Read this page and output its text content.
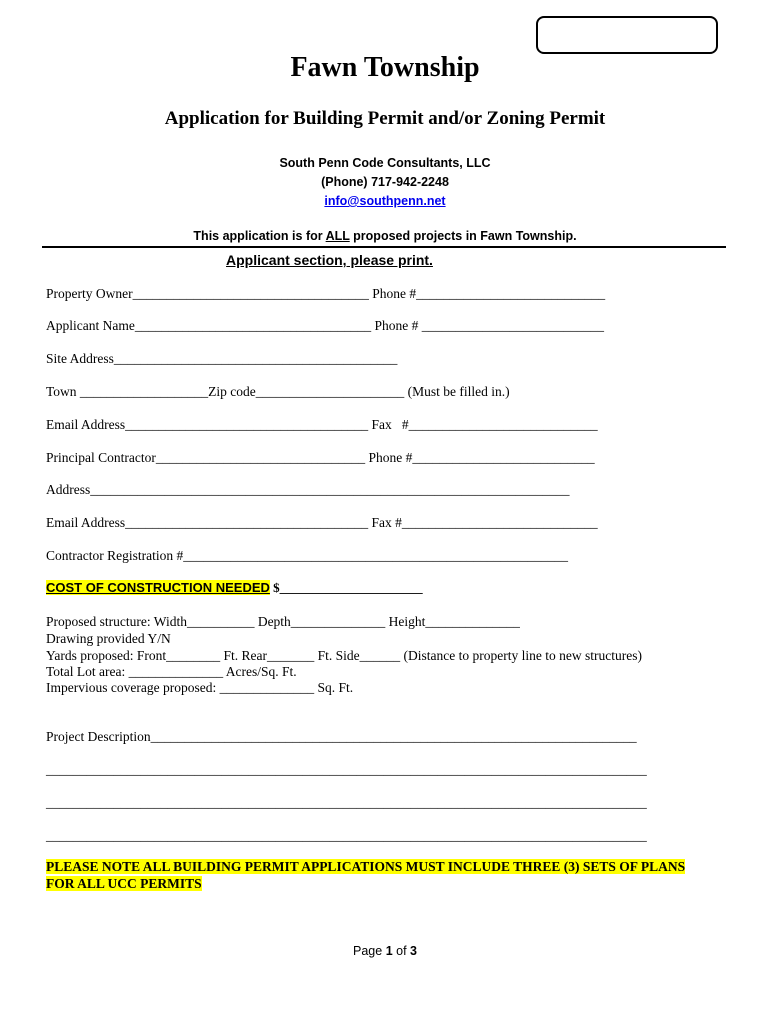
Fawn Township
Application for Building Permit and/or Zoning Permit
South Penn Code Consultants, LLC
(Phone) 717-942-2248
info@southpenn.net
This application is for ALL proposed projects in Fawn Township.
Applicant section, please print.
Property Owner___________________________________ Phone #____________________________
Applicant Name___________________________________ Phone # ___________________________
Site Address__________________________________________
Town ___________________Zip code______________________ (Must be filled in.)
Email Address____________________________________ Fax   #____________________________
Principal Contractor_______________________________ Phone #___________________________
Address_______________________________________________________________________
Email Address____________________________________ Fax #_____________________________
Contractor Registration #_________________________________________________________
COST OF CONSTRUCTION NEEDED $______________________
Proposed structure: Width__________ Depth______________ Height______________
Drawing provided Y/N
Yards proposed: Front________ Ft. Rear_______ Ft. Side______ (Distance to property line to new structures)
Total Lot area: ______________ Acres/Sq. Ft.
Impervious coverage proposed: ______________ Sq. Ft.
Project Description________________________________________________________________________
_________________________________________________________________________________________
_________________________________________________________________________________________
_________________________________________________________________________________________
PLEASE NOTE ALL BUILDING PERMIT APPLICATIONS MUST INCLUDE THREE (3) SETS OF PLANS
FOR ALL UCC PERMITS
Page 1 of 3
